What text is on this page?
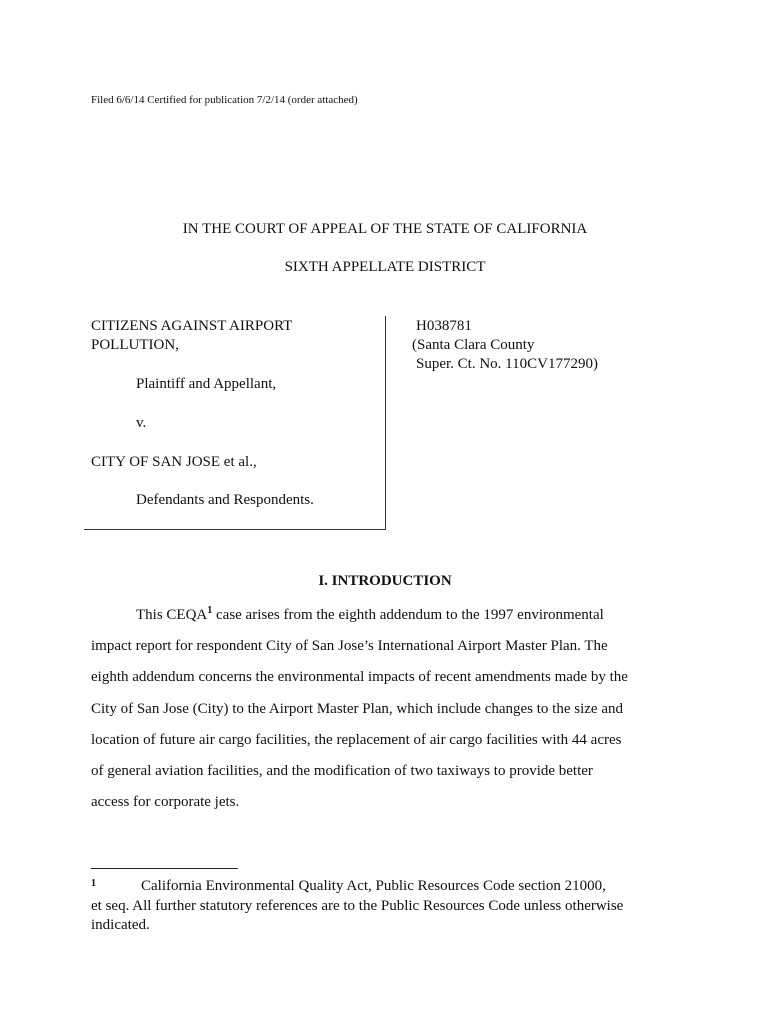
Filed 6/6/14 Certified for publication 7/2/14 (order attached)
IN THE COURT OF APPEAL OF THE STATE OF CALIFORNIA
SIXTH APPELLATE DISTRICT
CITIZENS AGAINST AIRPORT
POLLUTION,
Plaintiff and Appellant,
v.
CITY OF SAN JOSE et al.,
Defendants and Respondents.
H038781
(Santa Clara County
Super. Ct. No. 110CV177290)
I. INTRODUCTION
This CEQA$^1$ case arises from the eighth addendum to the 1997 environmental
impact report for respondent City of San Jose’s International Airport Master Plan. The
eighth addendum concerns the environmental impacts of recent amendments made by the
City of San Jose (City) to the Airport Master Plan, which include changes to the size and
location of future air cargo facilities, the replacement of air cargo facilities with 44 acres
of general aviation facilities, and the modification of two taxiways to provide better
access for corporate jets.
1	California Environmental Quality Act, Public Resources Code section 21000,
et seq. All further statutory references are to the Public Resources Code unless otherwise
indicated.
